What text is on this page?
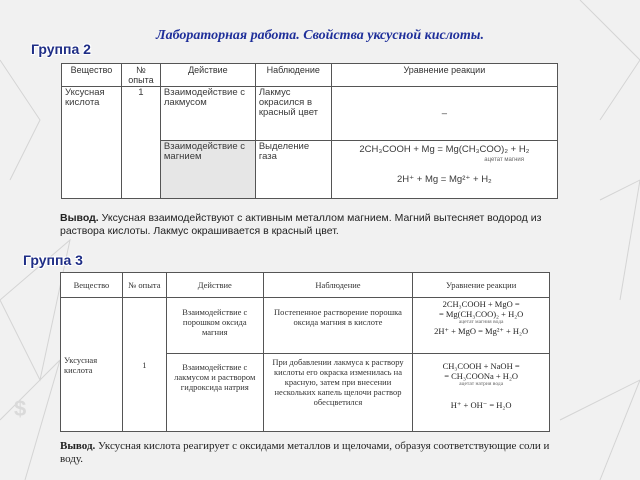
$
Лабораторная работа. Свойства уксусной кислоты.
Группа 2
Вещество	№ опыта	Действие	Наблюдение	Уравнение реакции
Уксусная кислота	1	Взаимодействие с лакмусом	Лакмус окрасился в красный цвет	–
		Взаимодействие с магнием	Выделение газа	2CH₃COOH + Mg = Mg(CH₃COO)₂ + H₂
ацетат магния
2H⁺ + Mg = Mg²⁺ + H₂
Вывод. Уксусная взаимодействуют с активным металлом магнием. Магний вытесняет водород из раствора кислоты. Лакмус окрашивается в красный цвет.
Группа 3
Вещество	№ опыта	Действие	Наблюдение	Уравнение реакции
Уксусная кислота	1	Взаимодействие с порошком оксида магния	Постепенное растворение порошка оксида магния в кислоте	2CH₃COOH + MgO =
= Mg(CH₃COO)₂ + H₂O
ацетат магния вода
2H⁺ + MgO = Mg²⁺ + H₂O

		Взаимодействие с лакмусом и раствором гидроксида натрия	При добавлении лакмуса к раствору кислоты его окраска изменилась на красную, затем при внесении нескольких капель щелочи раствор обесцветился	CH₃COOH + NaOH =
= CH₃COONa + H₂O
ацетат натрия вода
H⁺ + OH⁻ = H₂O
Вывод. Уксусная кислота реагирует с оксидами металлов и щелочами, образуя соответствующие соли и воду.
